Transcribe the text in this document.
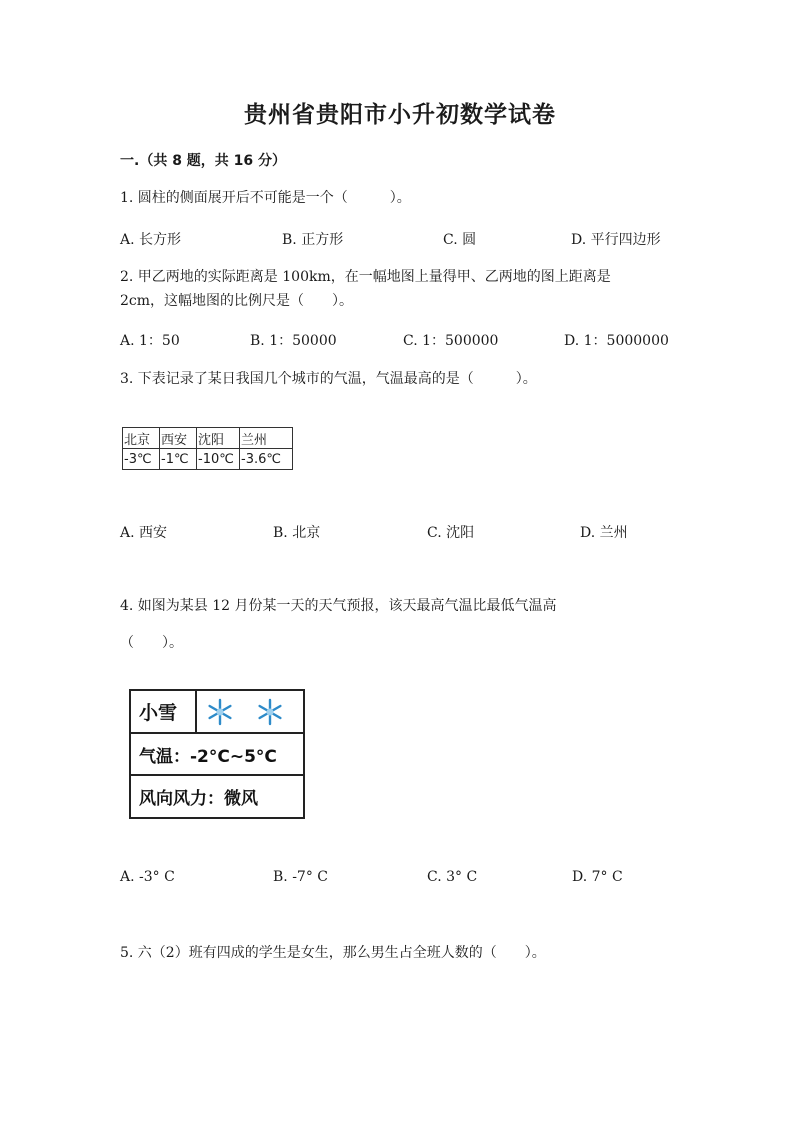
贵州省贵阳市小升初数学试卷
一.（共 8 题，共 16 分）
1. 圆柱的侧面展开后不可能是一个（　　　）。
A. 长方形	B. 正方形	C. 圆	D. 平行四边形
2. 甲乙两地的实际距离是 100km，在一幅地图上量得甲、乙两地的图上距离是
2cm，这幅地图的比例尺是（　　）。
A. 1：50	B. 1：50000	C. 1：500000	D. 1：5000000
3. 下表记录了某日我国几个城市的气温，气温最高的是（　　　）。
北京	西安	沈阳	兰州
-3℃	-1℃	-10℃	-3.6℃
A. 西安	B. 北京	C. 沈阳	D. 兰州
4. 如图为某县 12 月份某一天的天气预报，该天最高气温比最低气温高
（　　）。
小雪
气温：-2°C~5°C
风向风力：微风
A. -3° C	B. -7° C	C. 3° C	D. 7° C
5. 六（2）班有四成的学生是女生，那么男生占全班人数的（　　）。
